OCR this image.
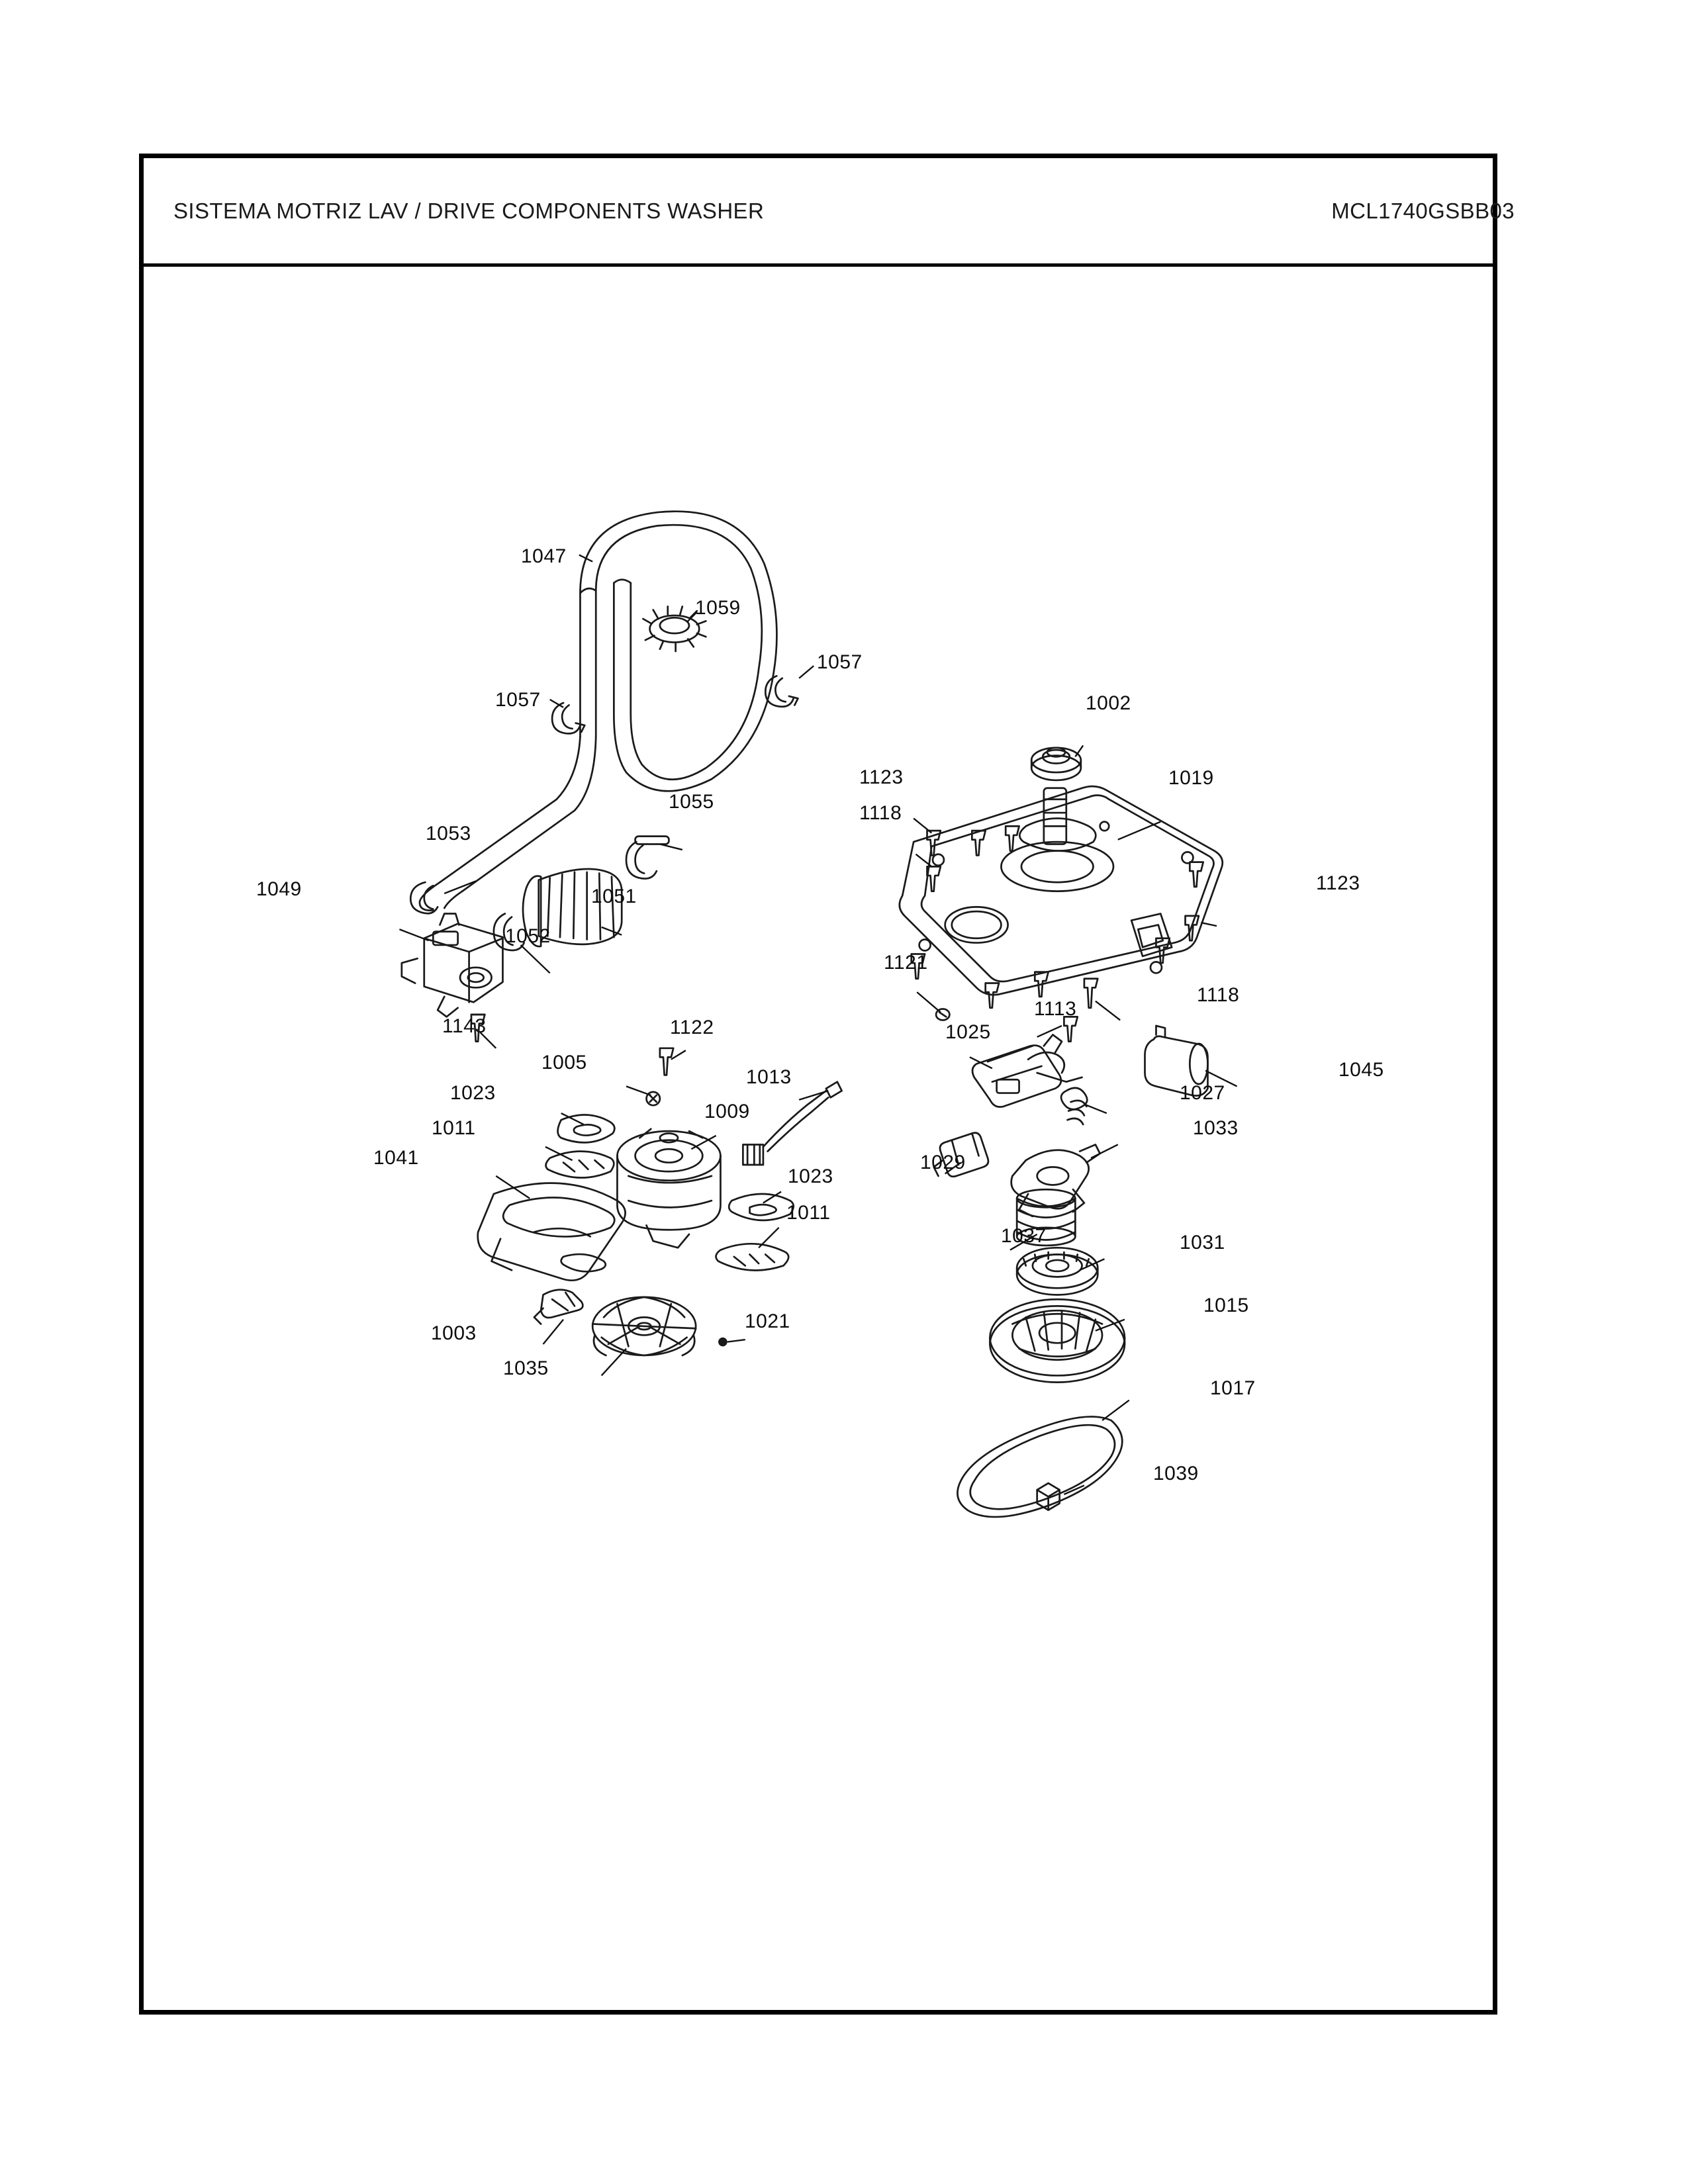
SISTEMA MOTRIZ LAV / DRIVE COMPONENTS WASHER	MCL1740GSBB03
1047
1059
1057
1057
1002
1123	1019
1118
1055
1053
1123
1049	1051
1052
1121
1118
1113
1143	1122	1025
1045
1005
1013
1027
1023
1009
1011	1033
1029
1041
1023
1011
1037	1031
1003
1015
1035
1021
1017
1039
